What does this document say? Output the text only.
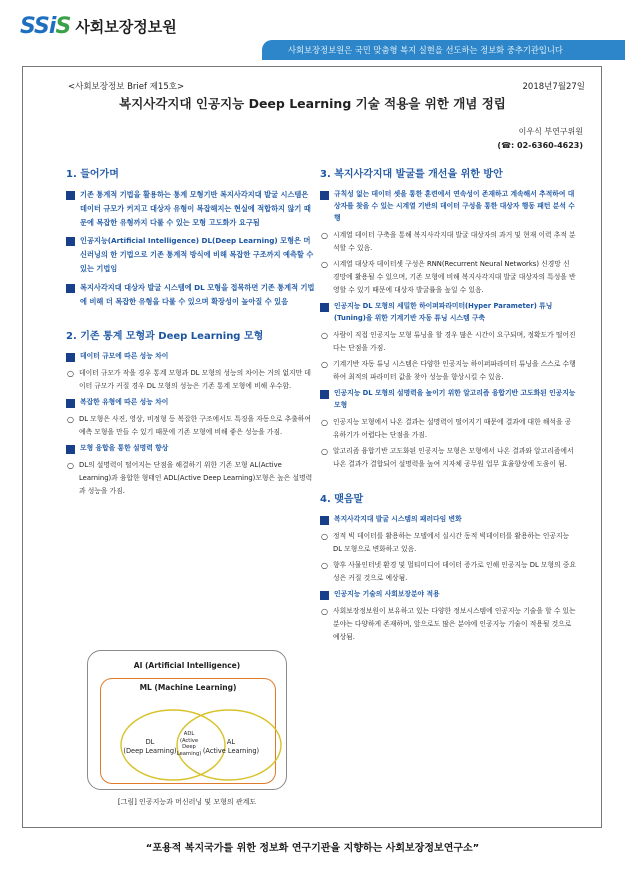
SSiS 사회보장정보원
사회보장정보원은 국민 맞춤형 복지 실현을 선도하는 정보화 중추기관입니다
<사회보장정보 Brief 제15호>	2018년7월27일
복지사각지대 인공지능 Deep Learning 기술 적용을 위한 개념 정립
이우식 부연구위원
(☎: 02-6360-4623)
1. 들어가며
기존 통계적 기법을 활용하는 통계 모형기반 복지사각지대 발굴 시스템은 데이터 규모가 커지고 대상자 유형이 복잡해지는 현실에 적합하지 않기 때문에 복잡한 유형까지 다룰 수 있는 모형 고도화가 요구됨
인공지능(Artificial Intelligence) DL(Deep Learning) 모형은 머신러닝의 한 기법으로 기존 통계적 방식에 비해 복잡한 구조까지 예측할 수 있는 기법임
복지사각지대 대상자 발굴 시스템에 DL 모형을 접목하면 기존 통계적 기법에 비해 더 복잡한 유형을 다룰 수 있으며 확장성이 높아질 수 있음
2. 기존 통계 모형과 Deep Learning 모형
데이터 규모에 따른 성능 차이
○ 데이터 규모가 작을 경우 통계 모형과 DL 모형의 성능의 차이는 거의 없지만 데이터 규모가 커질 경우 DL 모형의 성능은 기존 통계 모형에 비해 우수함.
복잡한 유형에 따른 성능 차이
○ DL 모형은 사진, 영상, 비정형 등 복잡한 구조에서도 특징을 자동으로 추출하여 예측 모형을 만들 수 있기 때문에 기존 모형에 비해 좋은 성능을 가짐.
모형 융합을 통한 설명력 향상
○ DL의 설명력이 떨어지는 단점을 해결하기 위한 기존 모형 AL(Active Learning)과 융합한 형태인 ADL(Active Deep Learning)모형은 높은 설명력과 성능을 가짐.
AI (Artificial Intelligence)
ML (Machine Learning)
DL
(Deep Learning)
ADL
(Active
Deep
Learning)
AL
(Active Learning)
[그림] 인공지능과 머신러닝 및 모형의 관계도
3. 복지사각지대 발굴를 개선을 위한 방안
규칙성 없는 데이터 셋을 통한 훈련에서 연속성이 존재하고 계속해서 추적하여 대상자를 찾을 수 있는 시계열 기반의 데이터 구성을 통한 대상자 행동 패턴 분석 수행
○ 시계열 데이터 구축을 통해 복지사각지대 발굴 대상자의 과거 및 현재 이력 추적 분석할 수 있음.
○ 시계열 대상자 데이터셋 구성은 RNN(Recurrent Neural Networks) 신경망 신경망에 활용될 수 있으며, 기존 모형에 비해 복지사각지대 발굴 대상자의 특성을 반영할 수 있기 때문에 대상자 발굴률을 높일 수 있음.
인공지능 DL 모형의 세밀한 하이퍼파라미터(Hyper Parameter) 튜닝(Tuning)을 위한 기계기반 자동 튜닝 시스템 구축
○ 사람이 직접 인공지능 모형 튜닝을 할 경우 많은 시간이 요구되며, 정확도가 떨어진다는 단점을 가짐.
○ 기계기반 자동 튜닝 시스템은 다양한 인공지능 하이퍼파라미터 튜닝을 스스로 수행하여 최적의 파라미터 값을 찾아 성능을 향상시킬 수 있음.
인공지능 DL 모형의 설명력을 높이기 위한 알고리즘 융합기반 고도화된 인공지능 모형
○ 인공지능 모형에서 나온 결과는 설명력이 떨어지기 때문에 결과에 대한 해석을 공유하기가 어렵다는 단점을 가짐.
○ 알고리즘 융합기반 고도화된 인공지능 모형은 모형에서 나온 결과와 알고리즘에서 나온 결과가 결합되어 설명력을 높여 지자체 공무원 업무 효율향상에 도움이 됨.
4. 맺음말
복지사각지대 발굴 시스템의 패러다임 변화
○ 정적 빅 데이터를 활용하는 모델에서 실시간 동적 빅데이터를 활용하는 인공지능 DL 모형으로 변화하고 있음.
○ 향후 사물인터넷 환경 및 멀티미디어 데이터 증가로 인해 인공지능 DL 모형의 중요성은 커질 것으로 예상됨.
인공지능 기술의 사회보장분야 적용
○ 사회보장정보원이 보유하고 있는 다양한 정보시스템에 인공지능 기술을 할 수 있는 분야는 다양하게 존재하며, 앞으로도 많은 분야에 인공지능 기술이 적용될 것으로 예상됨.
“포용적 복지국가를 위한 정보화 연구기관을 지향하는 사회보장정보연구소”
